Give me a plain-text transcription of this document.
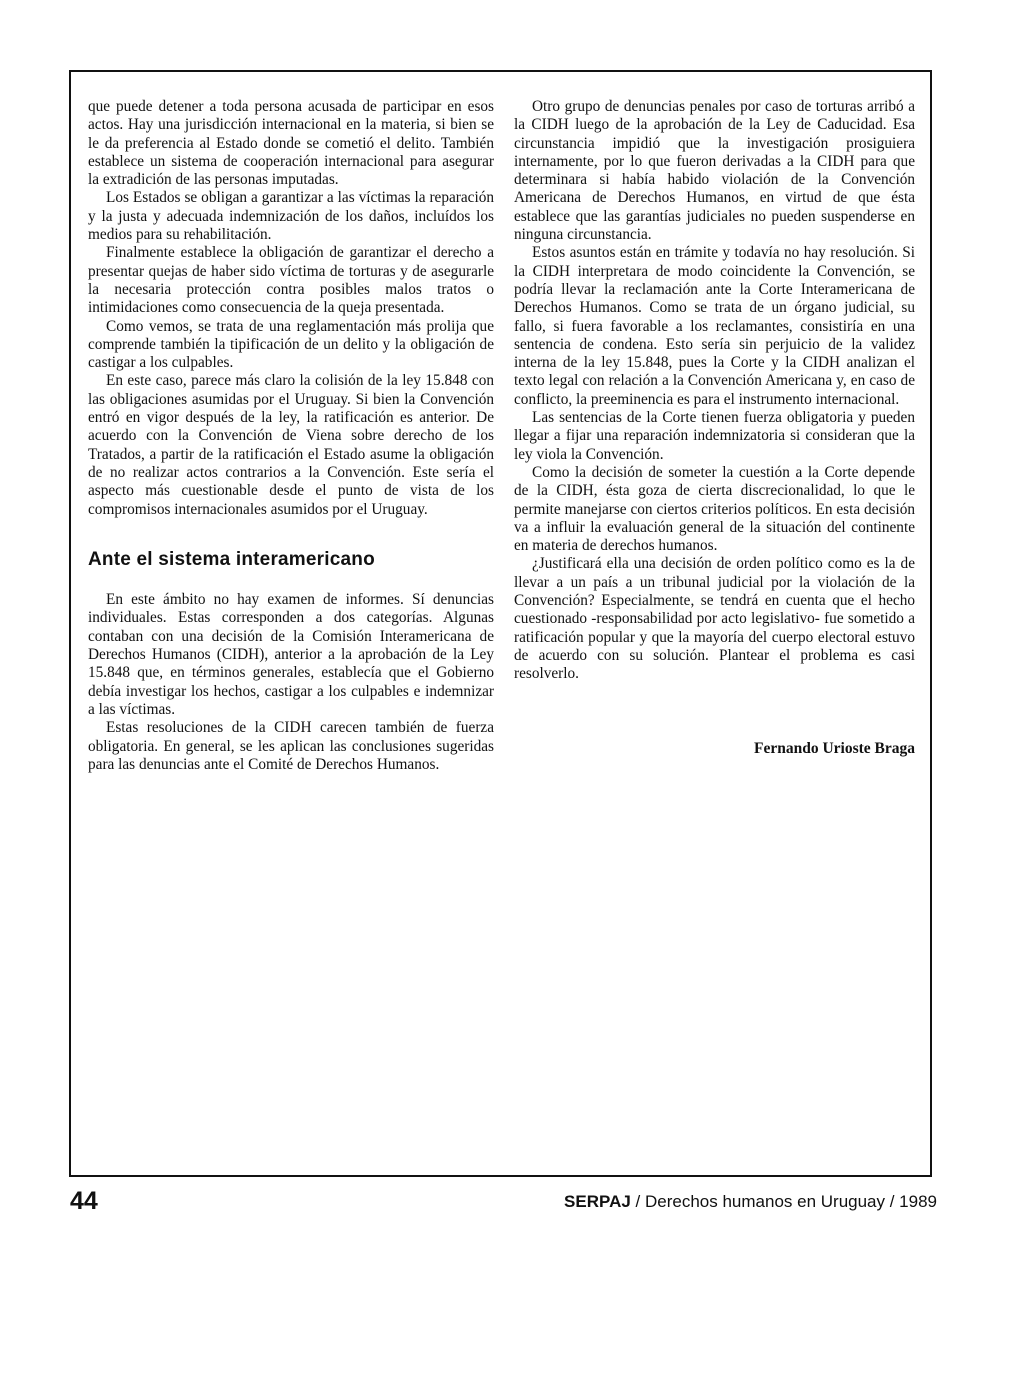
que puede detener a toda persona acusada de participar en esos actos. Hay una jurisdicción internacional en la materia, si bien se le da preferencia al Estado donde se cometió el delito. También establece un sistema de cooperación internacional para asegurar la extradición de las personas imputadas.

Los Estados se obligan a garantizar a las víctimas la reparación y la justa y adecuada indemnización de los daños, incluídos los medios para su rehabilitación.

Finalmente establece la obligación de garantizar el derecho a presentar quejas de haber sido víctima de torturas y de asegurarle la necesaria protección contra posibles malos tratos o intimidaciones como consecuencia de la queja presentada.

Como vemos, se trata de una reglamentación más prolija que comprende también la tipificación de un delito y la obligación de castigar a los culpables.

En este caso, parece más claro la colisión de la ley 15.848 con las obligaciones asumidas por el Uruguay. Si bien la Convención entró en vigor después de la ley, la ratificación es anterior. De acuerdo con la Convención de Viena sobre derecho de los Tratados, a partir de la ratificación el Estado asume la obligación de no realizar actos contrarios a la Convención. Este sería el aspecto más cuestionable desde el punto de vista de los compromisos internacionales asumidos por el Uruguay.

Ante el sistema interamericano

En este ámbito no hay examen de informes. Sí denuncias individuales. Estas corresponden a dos categorías. Algunas contaban con una decisión de la Comisión Interamericana de Derechos Humanos (CIDH), anterior a la aprobación de la Ley 15.848 que, en términos generales, establecía que el Gobierno debía investigar los hechos, castigar a los culpables e indemnizar a las víctimas.

Estas resoluciones de la CIDH carecen también de fuerza obligatoria. En general, se les aplican las conclusiones sugeridas para las denuncias ante el Comité de Derechos Humanos.

Otro grupo de denuncias penales por caso de torturas arribó a la CIDH luego de la aprobación de la Ley de Caducidad. Esa circunstancia impidió que la investigación prosiguiera internamente, por lo que fueron derivadas a la CIDH para que determinara si había habido violación de la Convención Americana de Derechos Humanos, en virtud de que ésta establece que las garantías judiciales no pueden suspenderse en ninguna circunstancia.

Estos asuntos están en trámite y todavía no hay resolución. Si la CIDH interpretara de modo coincidente la Convención, se podría llevar la reclamación ante la Corte Interamericana de Derechos Humanos. Como se trata de un órgano judicial, su fallo, si fuera favorable a los reclamantes, consistiría en una sentencia de condena. Esto sería sin perjuicio de la validez interna de la ley 15.848, pues la Corte y la CIDH analizan el texto legal con relación a la Convención Americana y, en caso de conflicto, la preeminencia es para el instrumento internacional.

Las sentencias de la Corte tienen fuerza obligatoria y pueden llegar a fijar una reparación indemnizatoria si consideran que la ley viola la Convención.

Como la decisión de someter la cuestión a la Corte depende de la CIDH, ésta goza de cierta discrecionalidad, lo que le permite manejarse con ciertos criterios políticos. En esta decisión va a influir la evaluación general de la situación del continente en materia de derechos humanos.

¿Justificará ella una decisión de orden político como es la de llevar a un país a un tribunal judicial por la violación de la Convención? Especialmente, se tendrá en cuenta que el hecho cuestionado -responsabilidad por acto legislativo- fue sometido a ratificación popular y que la mayoría del cuerpo electoral estuvo de acuerdo con su solución. Plantear el problema es casi resolverlo.

Fernando Urioste Braga
44	SERPAJ / Derechos humanos en Uruguay / 1989
